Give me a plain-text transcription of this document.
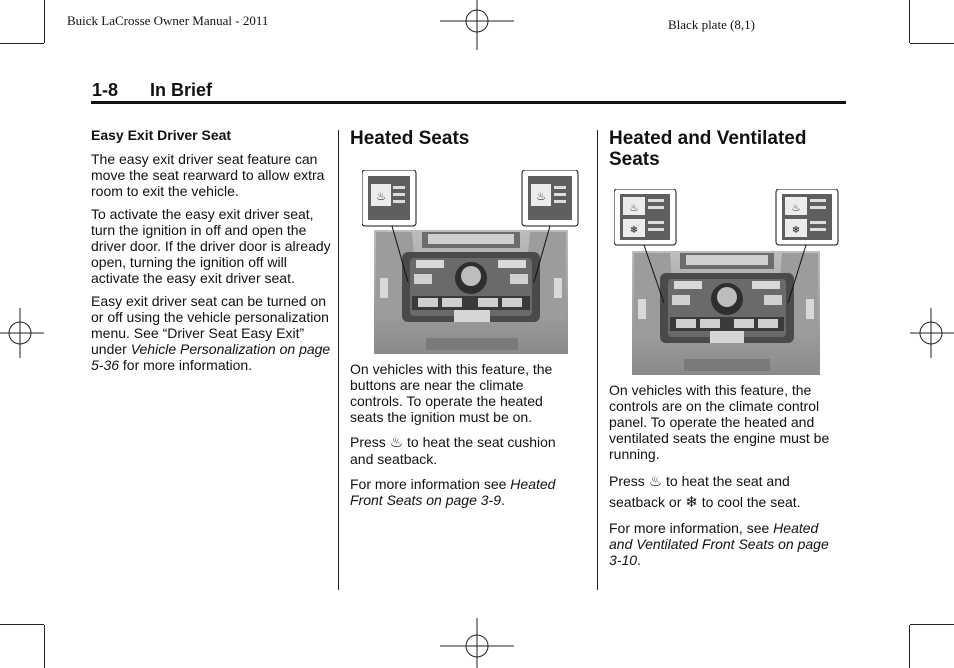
Buick LaCrosse Owner Manual - 2011	Black plate (8,1)
1-8 In Brief
Easy Exit Driver Seat

The easy exit driver seat feature can move the seat rearward to allow extra room to exit the vehicle.

To activate the easy exit driver seat, turn the ignition in off and open the driver door. If the driver door is already open, turning the ignition off will activate the easy exit driver seat.

Easy exit driver seat can be turned on or off using the vehicle personalization menu. See “Driver Seat Easy Exit” under Vehicle Personalization on page 5-36 for more information.

Heated Seats
♨	♨

On vehicles with this feature, the buttons are near the climate controls. To operate the heated seats the ignition must be on.

Press ♨ to heat the seat cushion and seatback.

For more information see Heated Front Seats on page 3-9.

Heated and Ventilated Seats
♨
❄
♨
❄

On vehicles with this feature, the controls are on the climate control panel. To operate the heated and ventilated seats the engine must be running.

Press ♨ to heat the seat and seatback or ❄ to cool the seat.

For more information, see Heated and Ventilated Front Seats on page 3-10.
